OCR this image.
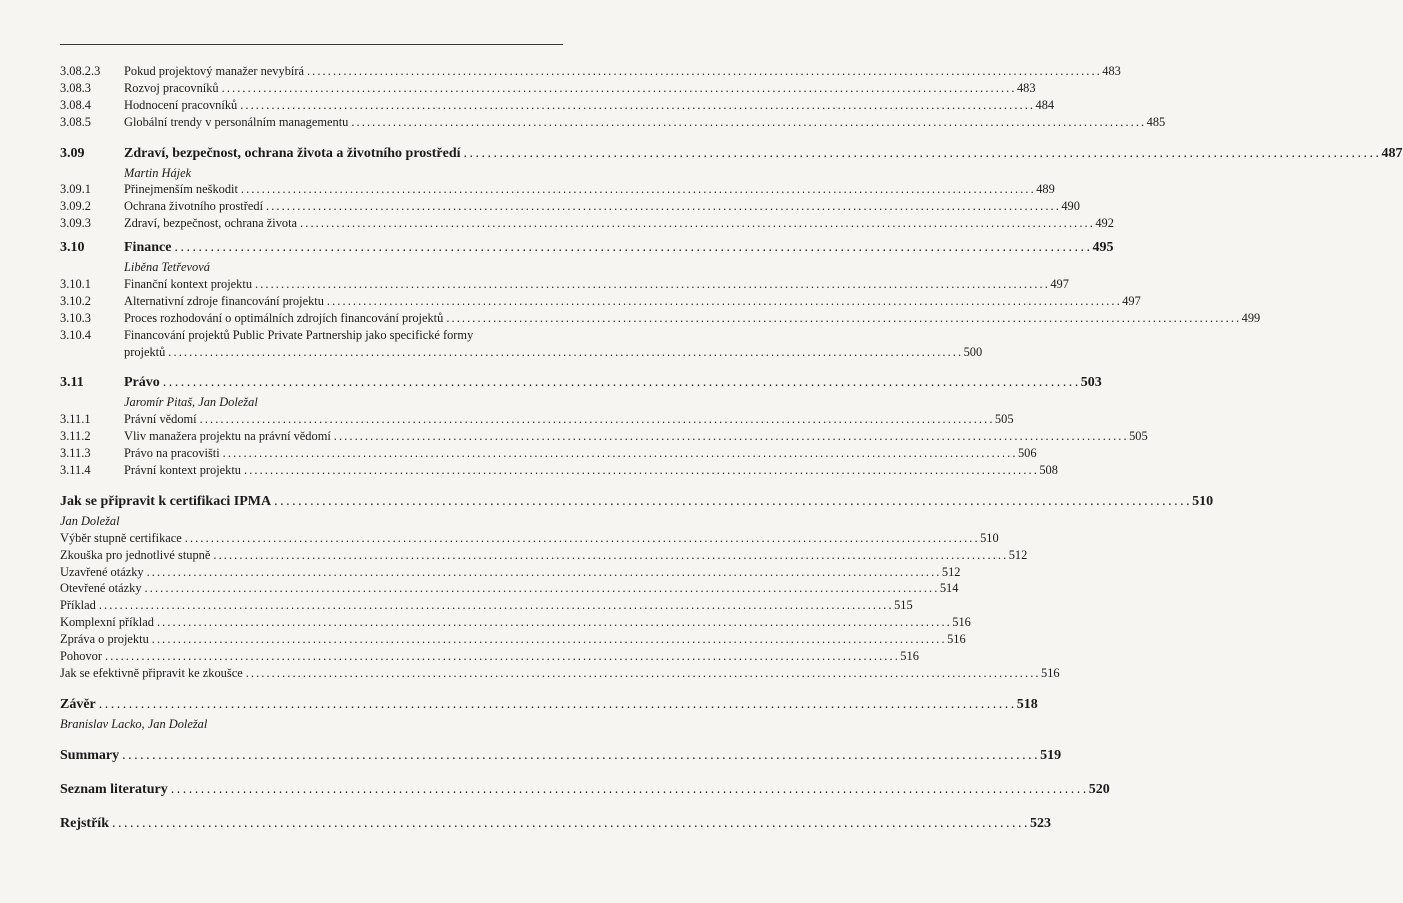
3.08.2.3	Pokud projektový manažer nevybírá . . .	483
3.08.3	Rozvoj pracovníků . . .	483
3.08.4	Hodnocení pracovníků . . .	484
3.08.5	Globální trendy v personálním managementu . . .	485
3.09	Zdraví, bezpečnost, ochrana života a životního prostředí . . .	487
Martin Hájek
3.09.1	Přinejmenším neškodit . . .	489
3.09.2	Ochrana životního prostředí . . .	490
3.09.3	Zdraví, bezpečnost, ochrana života . . .	492
3.10	Finance . . .	495
Liběna Tetřevová
3.10.1	Finanční kontext projektu . . .	497
3.10.2	Alternativní zdroje financování projektu . . .	497
3.10.3	Proces rozhodování o optimálních zdrojích financování projektů . . .	499
3.10.4	Financování projektů Public Private Partnership jako specifické formy
projektů . . .	500
3.11	Právo . . .	503
Jaromír Pitaš, Jan Doležal
3.11.1	Právní vědomí . . .	505
3.11.2	Vliv manažera projektu na právní vědomí . . .	505
3.11.3	Právo na pracovišti . . .	506
3.11.4	Právní kontext projektu . . .	508
Jak se připravit k certifikaci IPMA . . .	510
Jan Doležal
Výběr stupně certifikace . . .	510
Zkouška pro jednotlivé stupně . . .	512
Uzavřené otázky . . .	512
Otevřené otázky . . .	514
Příklad . . .	515
Komplexní příklad . . .	516
Zpráva o projektu . . .	516
Pohovor . . .	516
Jak se efektivně připravit ke zkoušce . . .	516
Závěr . . .	518
Branislav Lacko, Jan Doležal
Summary . . .	519
Seznam literatury . . .	520
Rejstřík . . .	523
